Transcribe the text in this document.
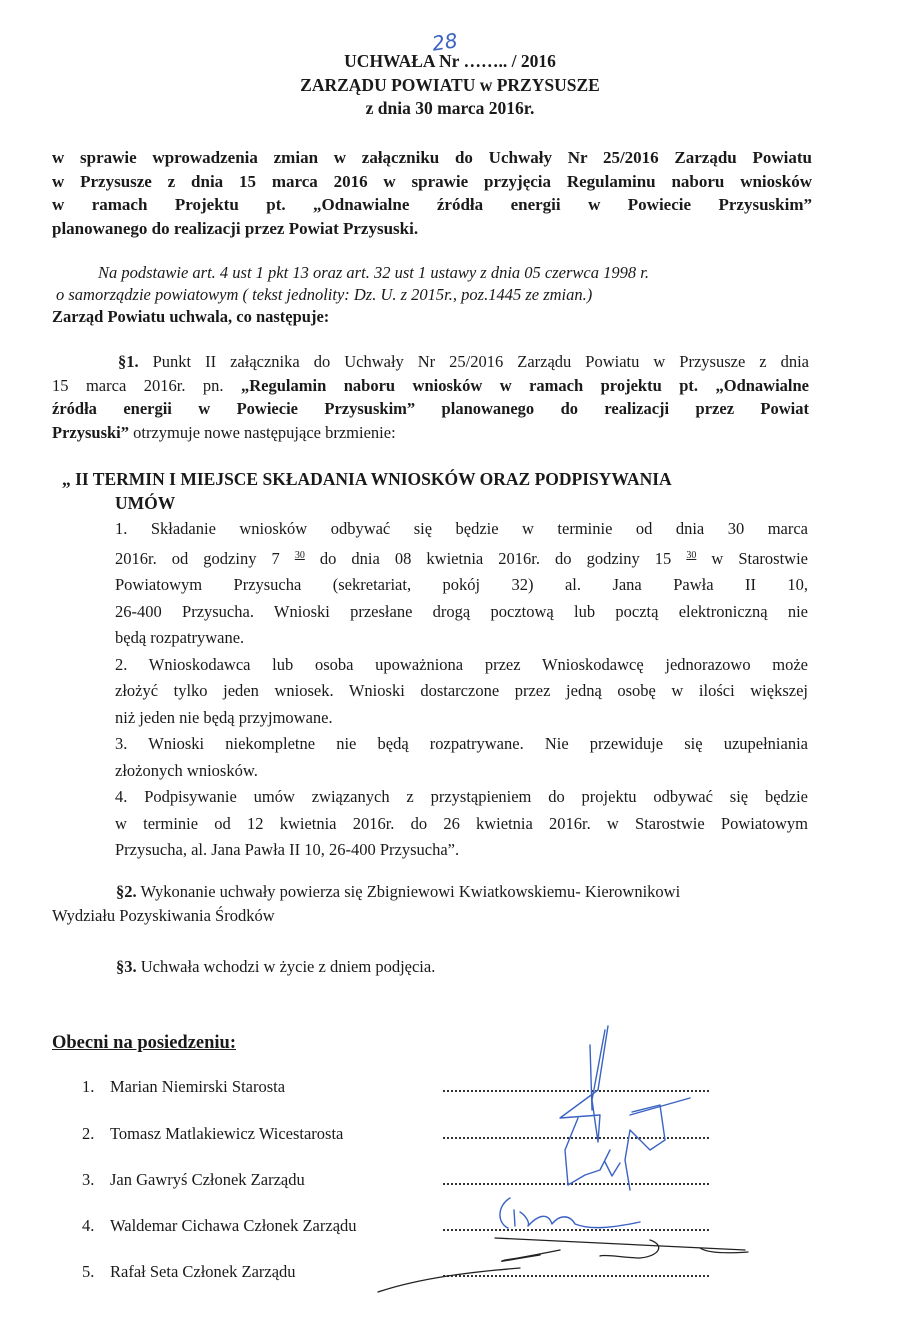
UCHWAŁA Nr …….. / 2016
28
ZARZĄDU POWIATU w PRZYSUSZE
z dnia 30 marca 2016r.
w sprawie wprowadzenia zmian w załączniku do Uchwały Nr 25/2016 Zarządu Powiatu
w Przysusze z dnia 15 marca 2016 w sprawie przyjęcia Regulaminu naboru wniosków
w ramach Projektu pt. „Odnawialne źródła energii w Powiecie Przysuskim”
planowanego do realizacji przez Powiat Przysuski.
Na podstawie art. 4 ust 1 pkt 13 oraz art. 32 ust 1 ustawy z dnia 05 czerwca 1998 r.
o samorządzie powiatowym ( tekst jednolity: Dz. U. z 2015r., poz.1445 ze zmian.)
Zarząd Powiatu uchwala, co następuje:
§1. Punkt II załącznika do Uchwały Nr 25/2016 Zarządu Powiatu w Przysusze z dnia
15 marca 2016r. pn. „Regulamin naboru wniosków w ramach projektu pt. „Odnawialne
źródła energii w Powiecie Przysuskim” planowanego do realizacji przez Powiat
Przysuski” otrzymuje nowe następujące brzmienie:
„ II TERMIN I MIEJSCE SKŁADANIA WNIOSKÓW ORAZ PODPISYWANIA
UMÓW
1. Składanie wniosków odbywać się będzie w terminie od dnia 30 marca
2016r. od godziny 7 $^{30}$ do dnia 08 kwietnia 2016r. do godziny 15 $^{30}$ w Starostwie
Powiatowym Przysucha (sekretariat, pokój 32) al. Jana Pawła II 10,
26-400 Przysucha. Wnioski przesłane drogą pocztową lub pocztą elektroniczną nie
będą rozpatrywane.
2. Wnioskodawca lub osoba upoważniona przez Wnioskodawcę jednorazowo może
złożyć tylko jeden wniosek. Wnioski dostarczone przez jedną osobę w ilości większej
niż jeden nie będą przyjmowane.
3. Wnioski niekompletne nie będą rozpatrywane. Nie przewiduje się uzupełniania
złożonych wniosków.
4. Podpisywanie umów związanych z przystąpieniem do projektu odbywać się będzie
w terminie od 12 kwietnia 2016r. do 26 kwietnia 2016r. w Starostwie Powiatowym
Przysucha, al. Jana Pawła II 10, 26-400 Przysucha”.
§2. Wykonanie uchwały powierza się Zbigniewowi Kwiatkowskiemu- Kierownikowi
Wydziału Pozyskiwania Środków
§3. Uchwała wchodzi w życie z dniem podjęcia.
Obecni na posiedzeniu:
1. Marian Niemirski Starosta
2. Tomasz Matlakiewicz Wicestarosta
3. Jan Gawryś Członek Zarządu
4. Waldemar Cichawa Członek Zarządu
5. Rafał Seta Członek Zarządu
